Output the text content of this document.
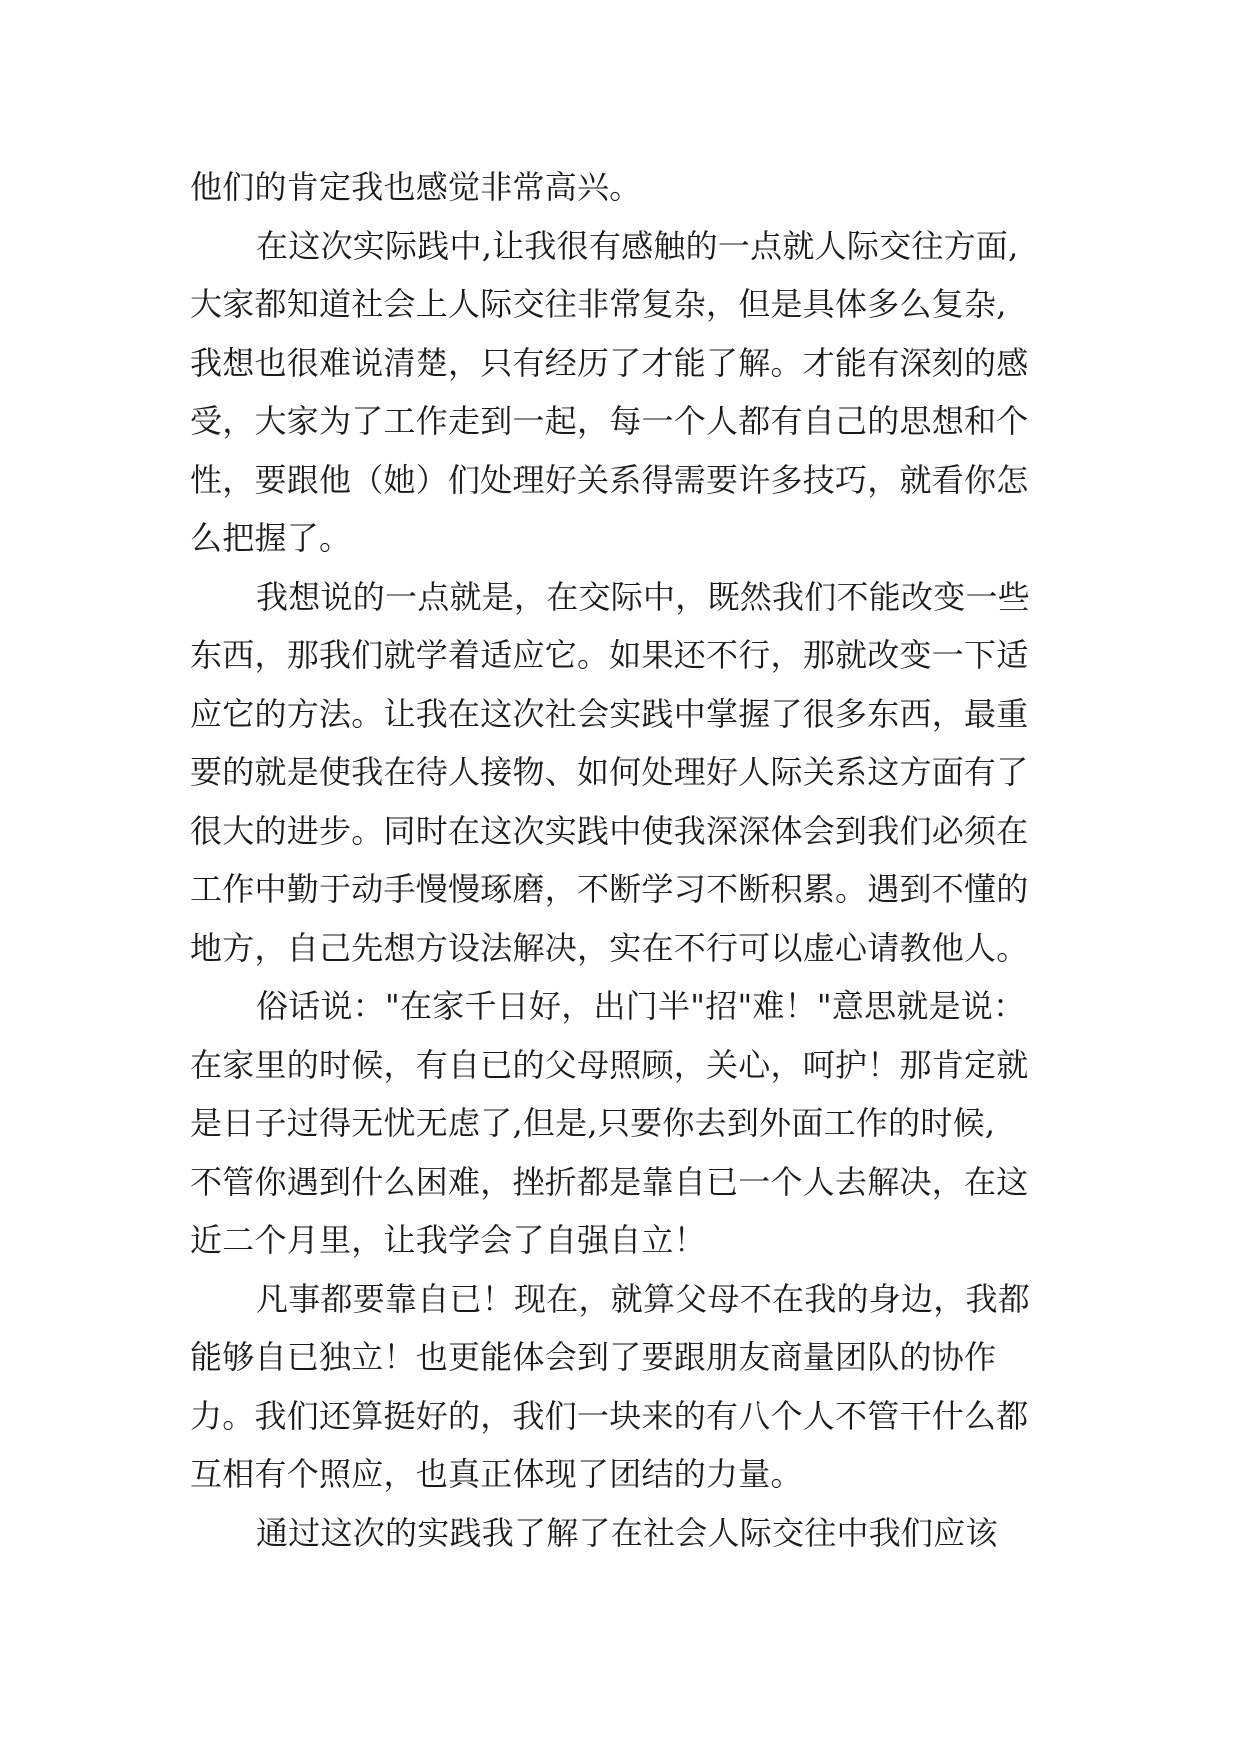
他们的肯定我也感觉非常高兴。
在这次实际践中,让我很有感触的一点就人际交往方面,
大家都知道社会上人际交往非常复杂，但是具体多么复杂,
我想也很难说清楚，只有经历了才能了解。才能有深刻的感
受，大家为了工作走到一起，每一个人都有自己的思想和个
性，要跟他（她）们处理好关系得需要许多技巧，就看你怎
么把握了。
我想说的一点就是，在交际中，既然我们不能改变一些
东西，那我们就学着适应它。如果还不行，那就改变一下适
应它的方法。让我在这次社会实践中掌握了很多东西，最重
要的就是使我在待人接物、如何处理好人际关系这方面有了
很大的进步。同时在这次实践中使我深深体会到我们必须在
工作中勤于动手慢慢琢磨，不断学习不断积累。遇到不懂的
地方，自己先想方设法解决，实在不行可以虚心请教他人。
俗话说："在家千日好，出门半"招"难！"意思就是说：
在家里的时候，有自已的父母照顾，关心，呵护！那肯定就
是日子过得无忧无虑了,但是,只要你去到外面工作的时候,
不管你遇到什么困难，挫折都是靠自已一个人去解决，在这
近二个月里，让我学会了自强自立！
凡事都要靠自已！现在，就算父母不在我的身边，我都
能够自已独立！也更能体会到了要跟朋友商量团队的协作
力。我们还算挺好的，我们一块来的有八个人不管干什么都
互相有个照应，也真正体现了团结的力量。
通过这次的实践我了解了在社会人际交往中我们应该
